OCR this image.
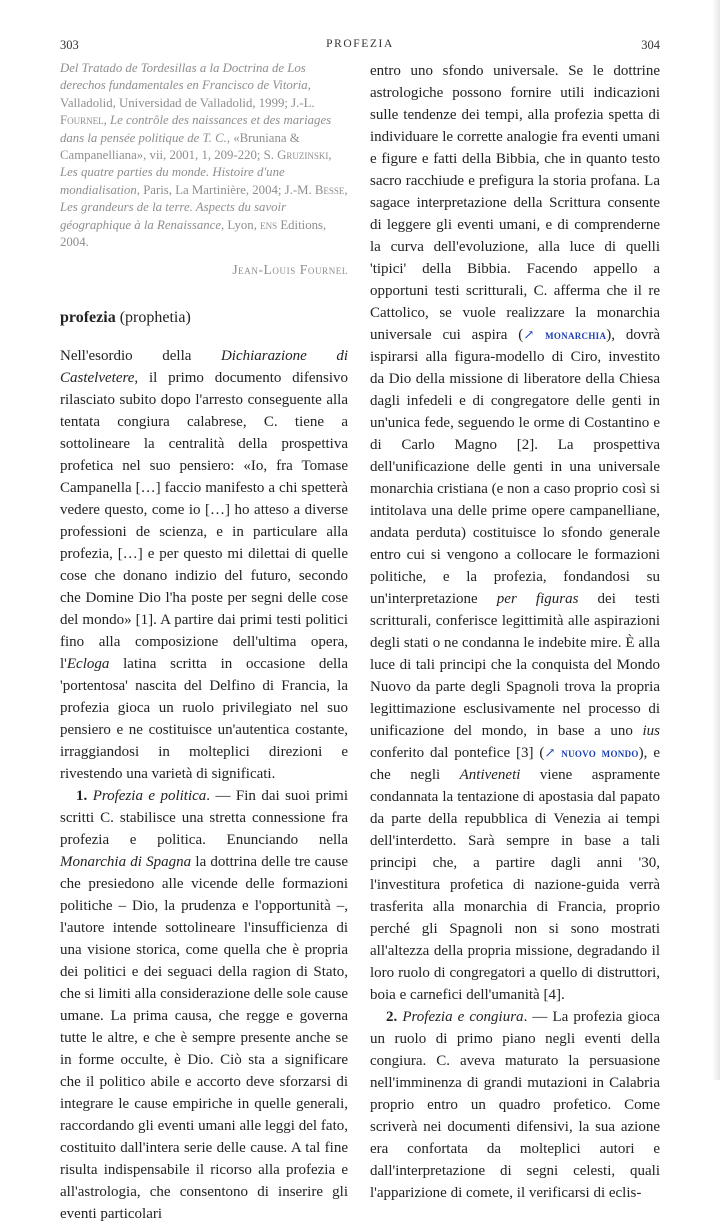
303	PROFEZIA	304

Del Tratado de Tordesillas a la Doctrina de Los derechos fundamentales en Francisco de Vitoria, Valladolid, Universidad de Valladolid, 1999; J.-L. Fournel, Le contrôle des naissances et des mariages dans la pensée politique de T. C., «Bruniana & Campanelliana», vii, 2001, 1, 209-220; S. Gruzinski, Les quatre parties du monde. Histoire d'une mondialisation, Paris, La Martinière, 2004; J.-M. Besse, Les grandeurs de la terre. Aspects du savoir géographique à la Renaissance, Lyon, ens Editions, 2004.

Jean-Louis Fournel
profezia (prophetia)

Nell'esordio della Dichiarazione di Castelvetere, il primo documento difensivo rilasciato subito dopo l'arresto conseguente alla tentata congiura calabrese, C. tiene a sottolineare la centralità della prospettiva profetica nel suo pensiero: «Io, fra Tomase Campanella […] faccio manifesto a chi spetterà vedere questo, come io […] ho atteso a diverse professioni de scienza, e in particulare alla profezia, […] e per questo mi dilettai di quelle cose che donano indizio del futuro, secondo che Domine Dio l'ha poste per segni delle cose del mondo» [1]. A partire dai primi testi politici fino alla composizione dell'ultima opera, l'Ecloga latina scritta in occasione della 'portentosa' nascita del Delfino di Francia, la profezia gioca un ruolo privilegiato nel suo pensiero e ne costituisce un'autentica costante, irraggiandosi in molteplici direzioni e rivestendo una varietà di significati.

1. Profezia e politica. — Fin dai suoi primi scritti C. stabilisce una stretta connessione fra profezia e politica. Enunciando nella Monarchia di Spagna la dottrina delle tre cause che presiedono alle vicende delle formazioni politiche – Dio, la prudenza e l'opportunità –, l'autore intende sottolineare l'insufficienza di una visione storica, come quella che è propria dei politici e dei seguaci della ragion di Stato, che si limiti alla considerazione delle sole cause umane. La prima causa, che regge e governa tutte le altre, e che è sempre presente anche se in forme occulte, è Dio. Ciò sta a significare che il politico abile e accorto deve sforzarsi di integrare le cause empiriche in quelle generali, raccordando gli eventi umani alle leggi del fato, costituito dall'intera serie delle cause. A tal fine risulta indispensabile il ricorso alla profezia e all'astrologia, che consentono di inserire gli eventi particolari

entro uno sfondo universale. Se le dottrine astrologiche possono fornire utili indicazioni sulle tendenze dei tempi, alla profezia spetta di individuare le corrette analogie fra eventi umani e figure e fatti della Bibbia, che in quanto testo sacro racchiude e prefigura la storia profana. La sagace interpretazione della Scrittura consente di leggere gli eventi umani, e di comprenderne la curva dell'evoluzione, alla luce di quelli 'tipici' della Bibbia. Facendo appello a opportuni testi scritturali, C. afferma che il re Cattolico, se vuole realizzare la monarchia universale cui aspira (↗ monarchia), dovrà ispirarsi alla figura-modello di Ciro, investito da Dio della missione di liberatore della Chiesa dagli infedeli e di congregatore delle genti in un'unica fede, seguendo le orme di Costantino e di Carlo Magno [2]. La prospettiva dell'unificazione delle genti in una universale monarchia cristiana (e non a caso proprio così si intitolava una delle prime opere campanelliane, andata perduta) costituisce lo sfondo generale entro cui si vengono a collocare le formazioni politiche, e la profezia, fondandosi su un'interpretazione per figuras dei testi scritturali, conferisce legittimità alle aspirazioni degli stati o ne condanna le indebite mire. È alla luce di tali principi che la conquista del Mondo Nuovo da parte degli Spagnoli trova la propria legittimazione esclusivamente nel processo di unificazione del mondo, in base a uno ius conferito dal pontefice [3] (↗ nuovo mondo), e che negli Antiveneti viene aspramente condannata la tentazione di apostasia dal papato da parte della repubblica di Venezia ai tempi dell'interdetto. Sarà sempre in base a tali principi che, a partire dagli anni '30, l'investitura profetica di nazione-guida verrà trasferita alla monarchia di Francia, proprio perché gli Spagnoli non si sono mostrati all'altezza della propria missione, degradando il loro ruolo di congregatori a quello di distruttori, boia e carnefici dell'umanità [4].

2. Profezia e congiura. — La profezia gioca un ruolo di primo piano negli eventi della congiura. C. aveva maturato la persuasione nell'imminenza di grandi mutazioni in Calabria proprio entro un quadro profetico. Come scriverà nei documenti difensivi, la sua azione era confortata da molteplici autori e dall'interpretazione di segni celesti, quali l'apparizione di comete, il verificarsi di eclis-
